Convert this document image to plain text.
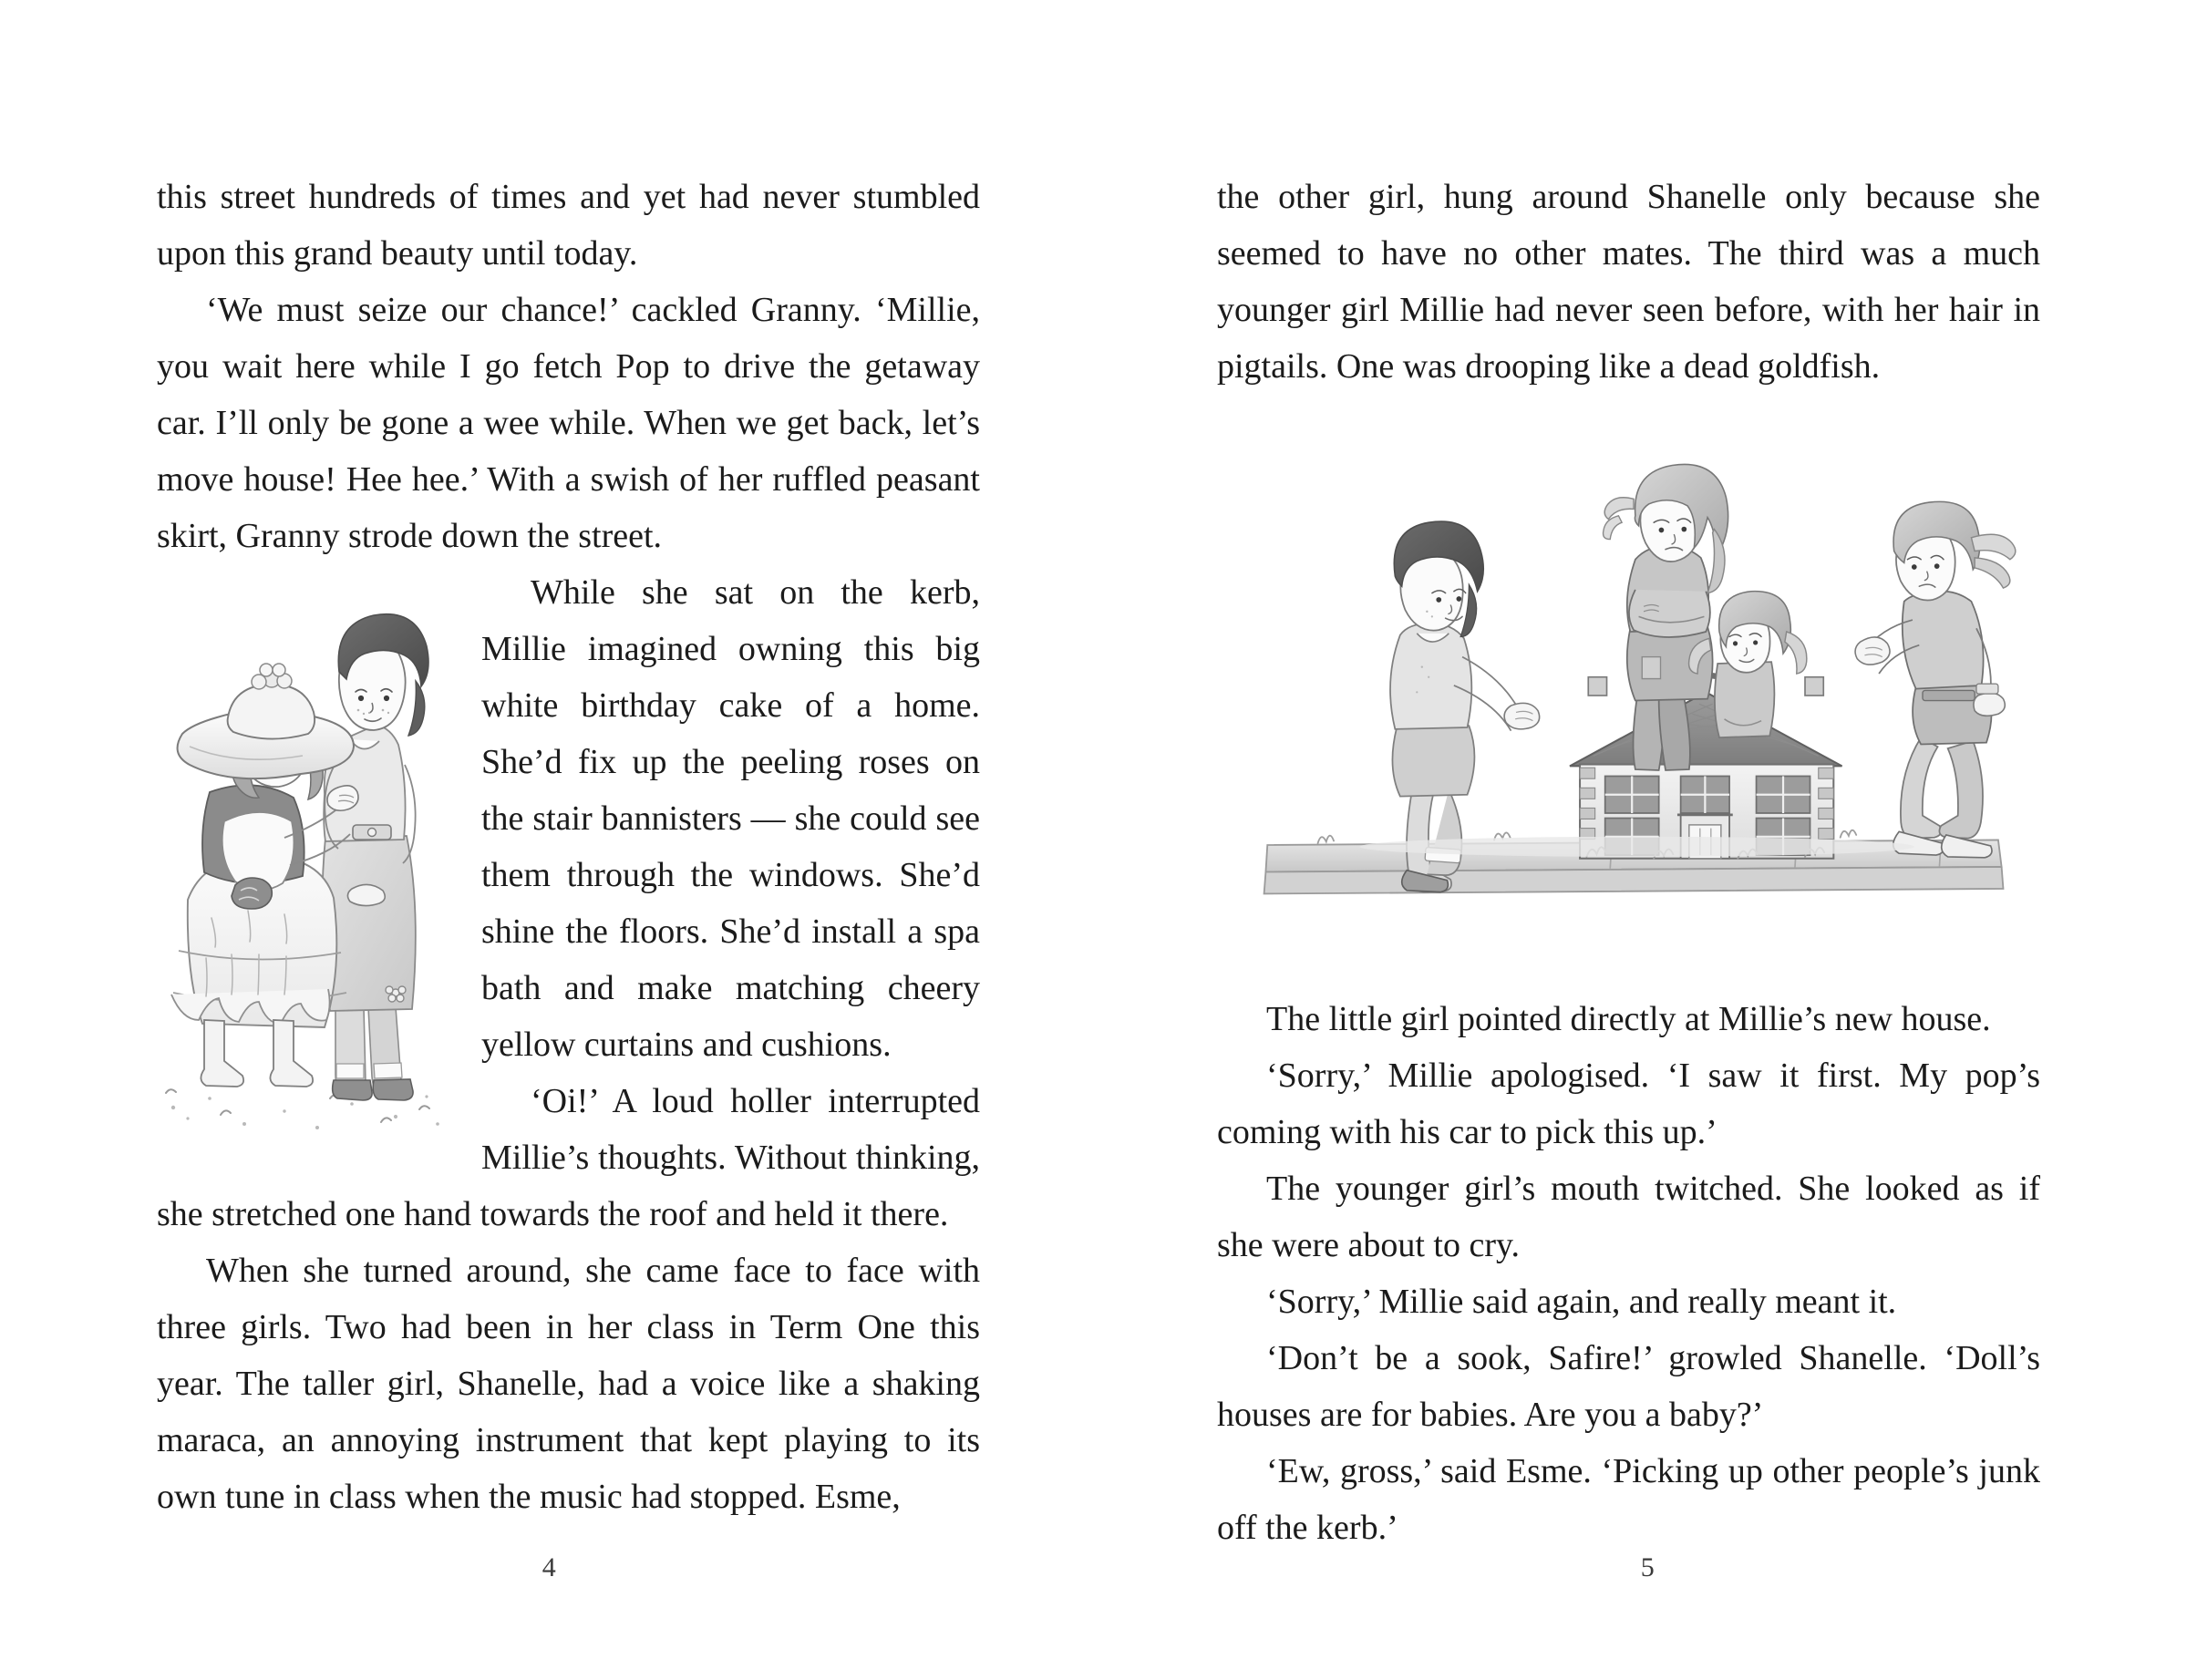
this street hundreds of times and yet had never stumbled upon this grand beauty until today.

‘We must seize our chance!’ cackled Granny. ‘Millie, you wait here while I go fetch Pop to drive the getaway car. I’ll only be gone a wee while. When we get back, let’s move house! Hee hee.’ With a swish of her ruffled peasant skirt, Granny strode down the street.

While she sat on the kerb, Millie imagined owning this big white birthday cake of a home. She’d fix up the peeling roses on the stair bannisters — she could see them through the windows. She’d shine the floors. She’d install a spa bath and make matching cheery yellow curtains and cushions.

‘Oi!’ A loud holler interrupted Millie’s thoughts. Without thinking, she stretched one hand towards the roof and held it there.

When she turned around, she came face to face with three girls. Two had been in her class in Term One this year. The taller girl, Shanelle, had a voice like a shaking maraca, an annoying instrument that kept playing to its own tune in class when the music had stopped. Esme,

4

the other girl, hung around Shanelle only because she seemed to have no other mates. The third was a much younger girl Millie had never seen before, with her hair in pigtails. One was drooping like a dead goldfish.

The little girl pointed directly at Millie’s new house.

‘Sorry,’ Millie apologised. ‘I saw it first. My pop’s coming with his car to pick this up.’

The younger girl’s mouth twitched. She looked as if she were about to cry.

‘Sorry,’ Millie said again, and really meant it.

‘Don’t be a sook, Safire!’ growled Shanelle. ‘Doll’s houses are for babies. Are you a baby?’

‘Ew, gross,’ said Esme. ‘Picking up other people’s junk off the kerb.’

5
